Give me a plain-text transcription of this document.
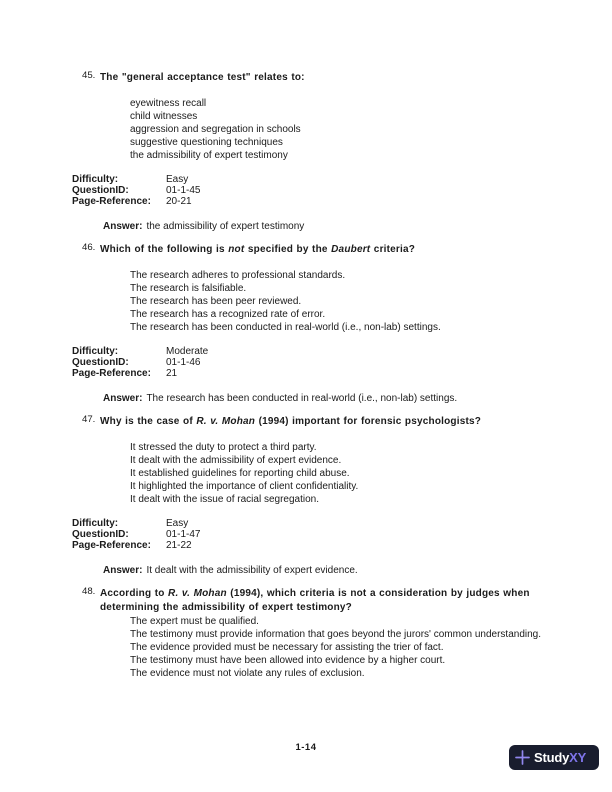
45. The "general acceptance test" relates to:
eyewitness recall
child witnesses
aggression and segregation in schools
suggestive questioning techniques
the admissibility of expert testimony
Difficulty:	Easy
QuestionID:	01-1-45
Page-Reference: 20-21
Answer: the admissibility of expert testimony
46. Which of the following is not specified by the Daubert criteria?
The research adheres to professional standards.
The research is falsifiable.
The research has been peer reviewed.
The research has a recognized rate of error.
The research has been conducted in real-world (i.e., non-lab) settings.
Difficulty:	Moderate
QuestionID:	01-1-46
Page-Reference: 21
Answer: The research has been conducted in real-world (i.e., non-lab) settings.
47. Why is the case of R. v. Mohan (1994) important for forensic psychologists?
It stressed the duty to protect a third party.
It dealt with the admissibility of expert evidence.
It established guidelines for reporting child abuse.
It highlighted the importance of client confidentiality.
It dealt with the issue of racial segregation.
Difficulty:	Easy
QuestionID:	01-1-47
Page-Reference: 21-22
Answer: It dealt with the admissibility of expert evidence.
48. According to R. v. Mohan (1994), which criteria is not a consideration by judges when determining the admissibility of expert testimony?
The expert must be qualified.
The testimony must provide information that goes beyond the jurors' common understanding.
The evidence provided must be necessary for assisting the trier of fact.
The testimony must have been allowed into evidence by a higher court.
The evidence must not violate any rules of exclusion.
1-14
StudyXY
